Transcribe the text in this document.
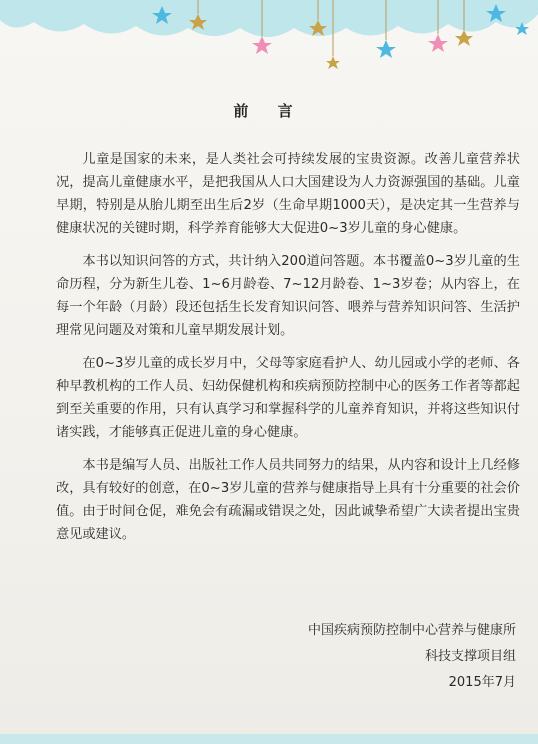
前 言

儿童是国家的未来，是人类社会可持续发展的宝贵资源。改善儿童营养状况，提高儿童健康水平，是把我国从人口大国建设为人力资源强国的基础。儿童早期，特别是从胎儿期至出生后2岁（生命早期1000天），是决定其一生营养与健康状况的关键时期，科学养育能够大大促进0~3岁儿童的身心健康。

本书以知识问答的方式，共计纳入200道问答题。本书覆盖0~3岁儿童的生命历程，分为新生儿卷、1~6月龄卷、7~12月龄卷、1~3岁卷；从内容上，在每一个年龄（月龄）段还包括生长发育知识问答、喂养与营养知识问答、生活护理常见问题及对策和儿童早期发展计划。

在0~3岁儿童的成长岁月中，父母等家庭看护人、幼儿园或小学的老师、各种早教机构的工作人员、妇幼保健机构和疾病预防控制中心的医务工作者等都起到至关重要的作用，只有认真学习和掌握科学的儿童养育知识，并将这些知识付诸实践，才能够真正促进儿童的身心健康。

本书是编写人员、出版社工作人员共同努力的结果，从内容和设计上几经修改，具有较好的创意，在0~3岁儿童的营养与健康指导上具有十分重要的社会价值。由于时间仓促，难免会有疏漏或错误之处，因此诚挚希望广大读者提出宝贵意见或建议。

中国疾病预防控制中心营养与健康所
科技支撑项目组
2015年7月
